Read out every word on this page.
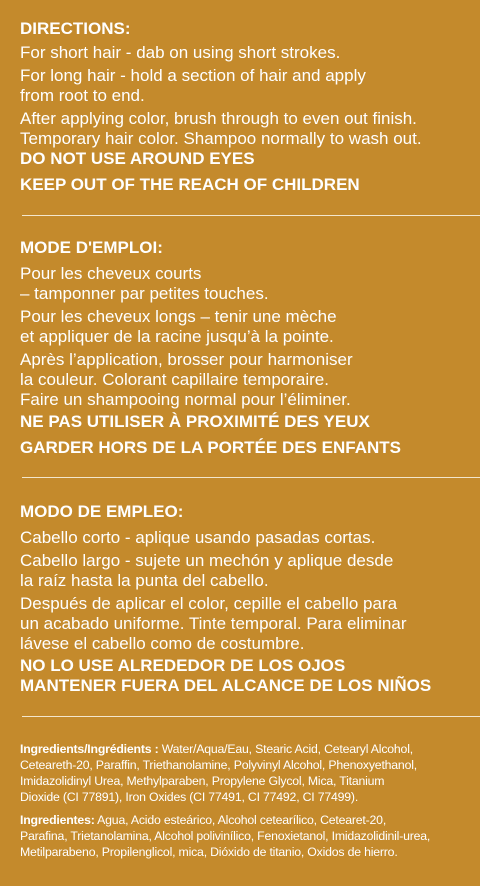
DIRECTIONS:

For short hair - dab on using short strokes.

For long hair - hold a section of hair and apply

from root to end.

After applying color, brush through to even out finish.

Temporary hair color. Shampoo normally to wash out.

DO NOT USE AROUND EYES

KEEP OUT OF THE REACH OF CHILDREN

MODE D'EMPLOI:

Pour les cheveux courts

– tamponner par petites touches.

Pour les cheveux longs – tenir une mèche

et appliquer de la racine jusqu’à la pointe.

Après l’application, brosser pour harmoniser

la couleur. Colorant capillaire temporaire.

Faire un shampooing normal pour l’éliminer.

NE PAS UTILISER À PROXIMITÉ DES YEUX

GARDER HORS DE LA PORTÉE DES ENFANTS

MODO DE EMPLEO:

Cabello corto - aplique usando pasadas cortas.

Cabello largo - sujete un mechón y aplique desde

la raíz hasta la punta del cabello.

Después de aplicar el color, cepille el cabello para

un acabado uniforme. Tinte temporal. Para eliminar

lávese el cabello como de costumbre.

NO LO USE ALREDEDOR DE LOS OJOS

MANTENER FUERA DEL ALCANCE DE LOS NIÑOS

Ingredients/Ingrédients : Water/Aqua/Eau, Stearic Acid, Cetearyl Alcohol,

Ceteareth-20, Paraffin, Triethanolamine, Polyvinyl Alcohol, Phenoxyethanol,

Imidazolidinyl Urea, Methylparaben, Propylene Glycol, Mica, Titanium

Dioxide (CI 77891), Iron Oxides (CI 77491, CI 77492, CI 77499).

Ingredientes: Agua, Acido esteárico, Alcohol cetearílico, Cetearet-20,

Parafina, Trietanolamina, Alcohol polivinílico, Fenoxietanol, Imidazolidinil-urea,

Metilparabeno, Propilenglicol, mica, Dióxido de titanio, Oxidos de hierro.
